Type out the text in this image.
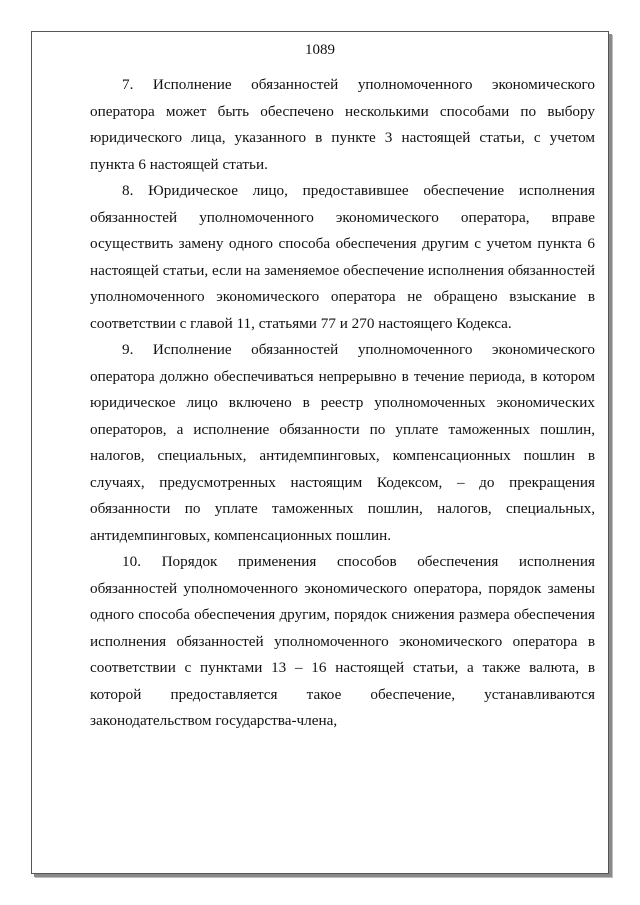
1089

7. Исполнение обязанностей уполномоченного экономического оператора может быть обеспечено несколькими способами по выбору юридического лица, указанного в пункте 3 настоящей статьи, с учетом пункта 6 настоящей статьи.

8. Юридическое лицо, предоставившее обеспечение исполнения обязанностей уполномоченного экономического оператора, вправе осуществить замену одного способа обеспечения другим с учетом пункта 6 настоящей статьи, если на заменяемое обеспечение исполнения обязанностей уполномоченного экономического оператора не обращено взыскание в соответствии с главой 11, статьями 77 и 270 настоящего Кодекса.

9. Исполнение обязанностей уполномоченного экономического оператора должно обеспечиваться непрерывно в течение периода, в котором юридическое лицо включено в реестр уполномоченных экономических операторов, а исполнение обязанности по уплате таможенных пошлин, налогов, специальных, антидемпинговых, компенсационных пошлин в случаях, предусмотренных настоящим Кодексом, – до прекращения обязанности по уплате таможенных пошлин, налогов, специальных, антидемпинговых, компенсационных пошлин.

10. Порядок применения способов обеспечения исполнения обязанностей уполномоченного экономического оператора, порядок замены одного способа обеспечения другим, порядок снижения размера обеспечения исполнения обязанностей уполномоченного экономического оператора в соответствии с пунктами 13 – 16 настоящей статьи, а также валюта, в которой предоставляется такое обеспечение, устанавливаются законодательством государства-члена,
